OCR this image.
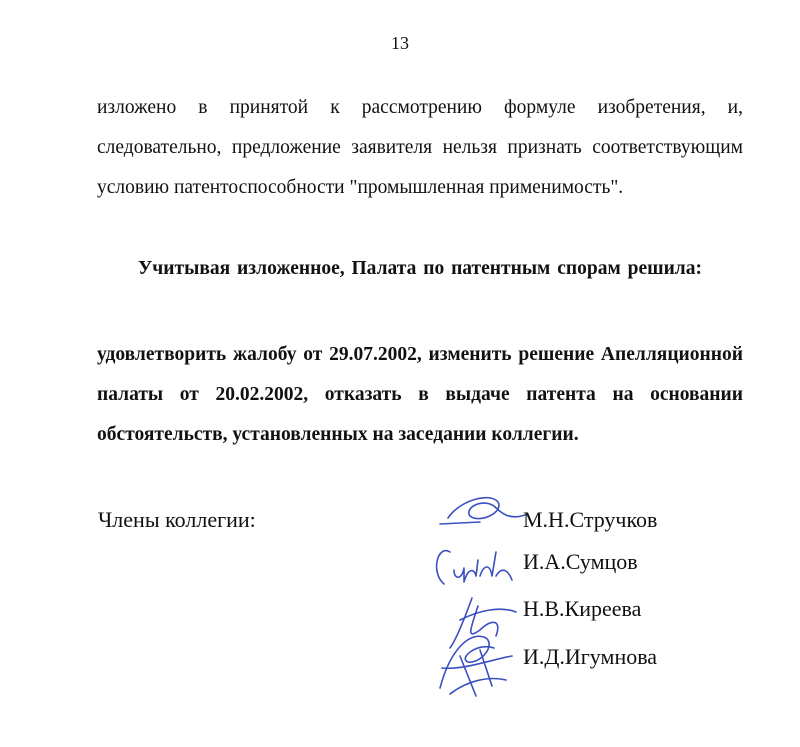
13
изложено в принятой к рассмотрению формуле изобретения, и,
следовательно, предложение заявителя нельзя признать соответствующим
условию патентоспособности "промышленная применимость".
Учитывая изложенное, Палата по патентным спорам решила:
удовлетворить жалобу от 29.07.2002, изменить решение Апелляционной
палаты от 20.02.2002, отказать в выдаче патента на основании
обстоятельств, установленных на заседании коллегии.
Члены коллегии:	М.Н.Стручков
И.А.Сумцов
Н.В.Киреева
И.Д.Игумнова
